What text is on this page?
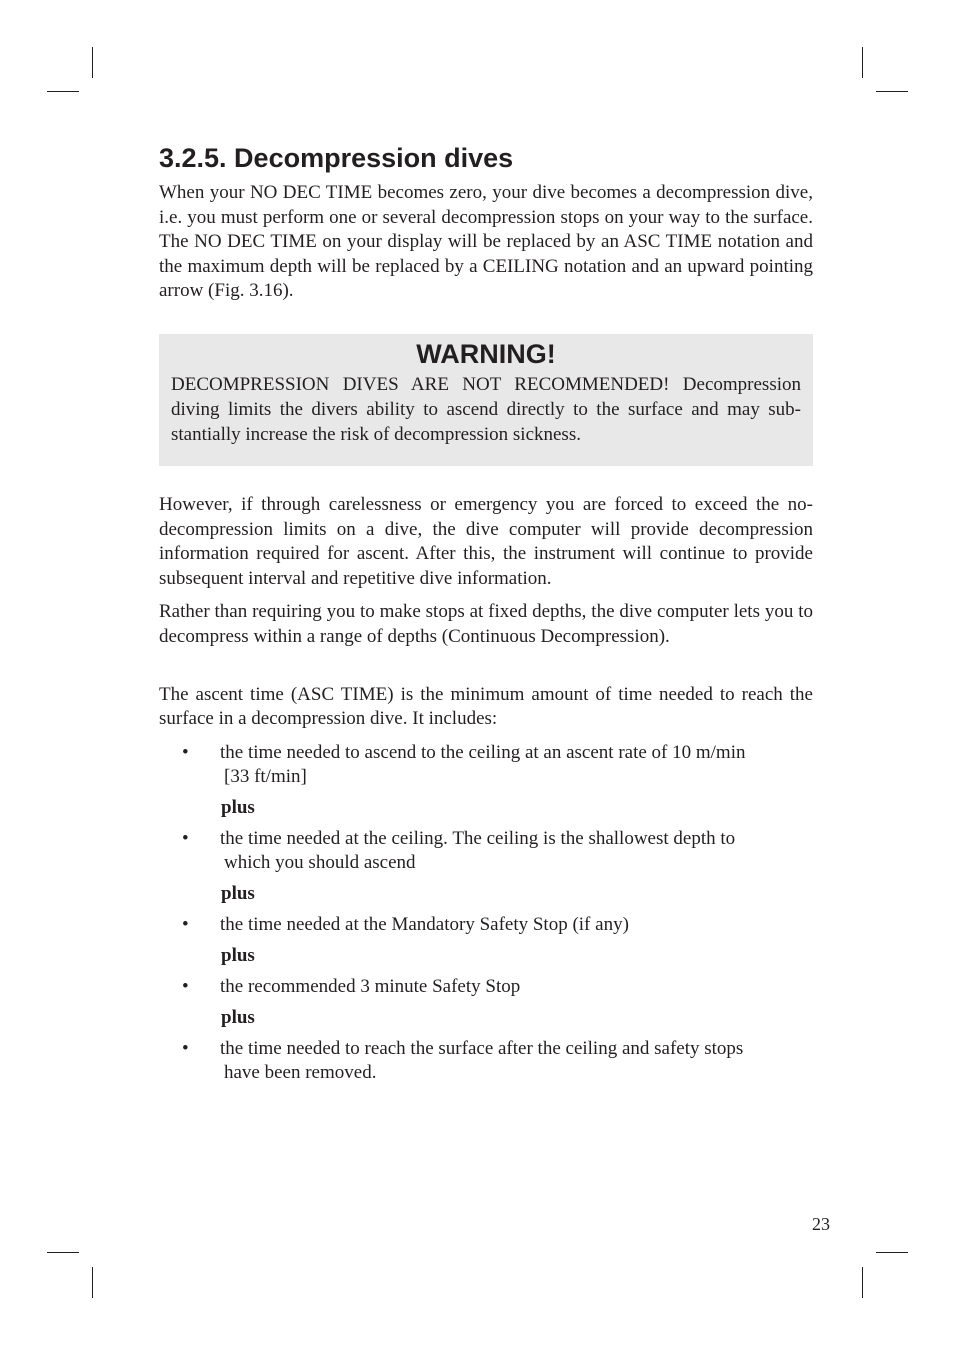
3.2.5. Decompression dives

When your NO DEC TIME becomes zero, your dive becomes a decompression dive, i.e. you must perform one or several decompression stops on your way to the surface. The NO DEC TIME on your display will be replaced by an ASC TIME notation and the maximum depth will be replaced by a CEILING notation and an upward pointing arrow (Fig. 3.16).

WARNING!

DECOMPRESSION DIVES ARE NOT RECOMMENDED! Decompression diving limits the divers ability to ascend directly to the surface and may sub-stantially increase the risk of decompression sickness.

However, if through carelessness or emergency you are forced to exceed the no-decompression limits on a dive, the dive computer will provide decompression information required for ascent. After this, the instrument will continue to provide subsequent interval and repetitive dive information.

Rather than requiring you to make stops at fixed depths, the dive computer lets you to decompress within a range of depths (Continuous Decompression).

The ascent time (ASC TIME) is the minimum amount of time needed to reach the surface in a decompression dive. It includes:

• the time needed to ascend to the ceiling at an ascent rate of 10 m/min
[33 ft/min]
plus
• the time needed at the ceiling. The ceiling is the shallowest depth to
which you should ascend
plus
• the time needed at the Mandatory Safety Stop (if any)
plus
• the recommended 3 minute Safety Stop
plus
• the time needed to reach the surface after the ceiling and safety stops
have been removed.
23
